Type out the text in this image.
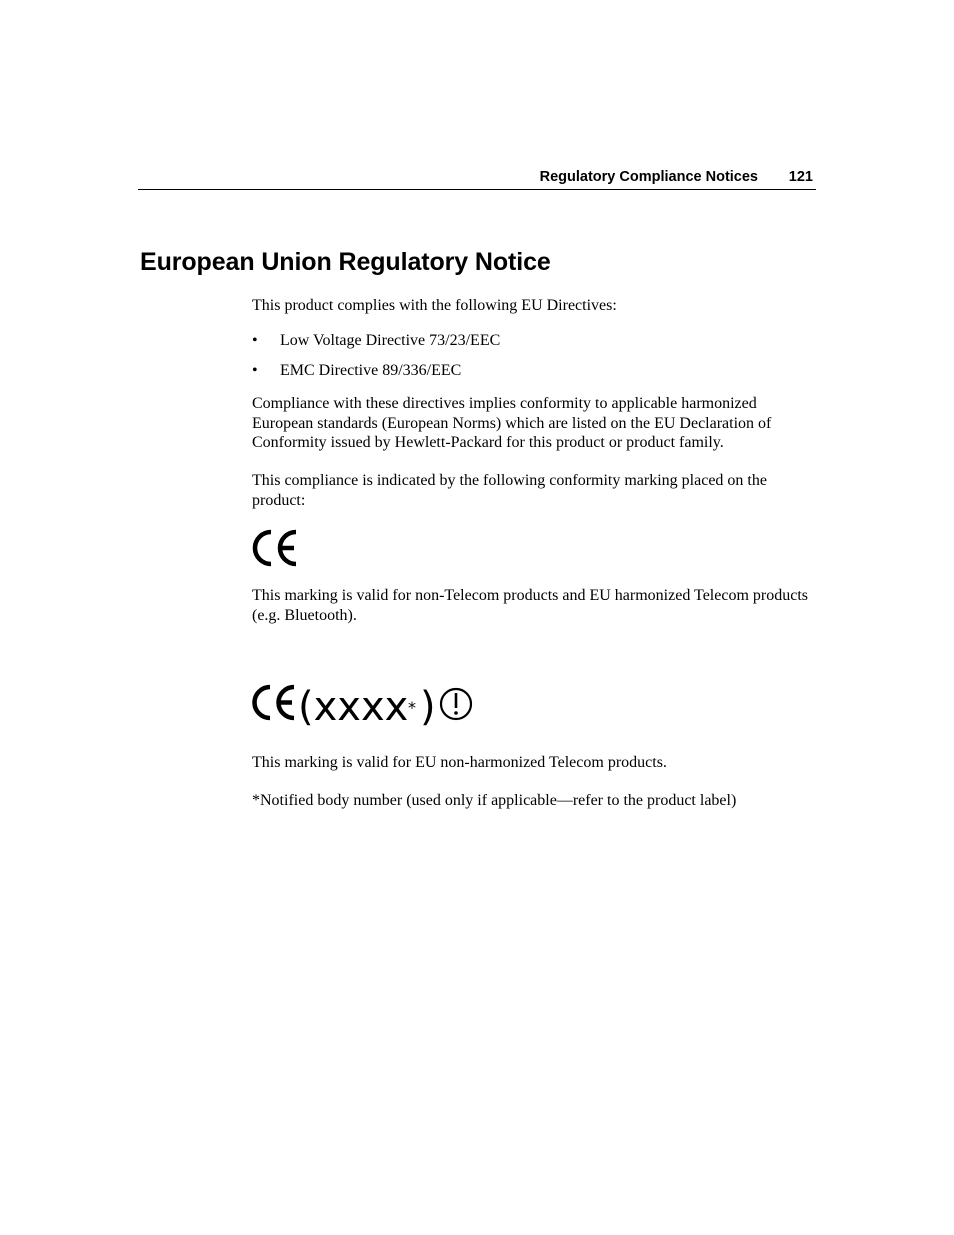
Regulatory Compliance Notices 121
European Union Regulatory Notice

This product complies with the following EU Directives:

• Low Voltage Directive 73/23/EEC
• EMC Directive 89/336/EEC

Compliance with these directives implies conformity to applicable harmonized European standards (European Norms) which are listed on the EU Declaration of Conformity issued by Hewlett-Packard for this product or product family.

This compliance is indicated by the following conformity marking placed on the product:

This marking is valid for non-Telecom products and EU harmonized Telecom products (e.g. Bluetooth).

(xxxx * )

This marking is valid for EU non-harmonized Telecom products.

*Notified body number (used only if applicable—refer to the product label)
